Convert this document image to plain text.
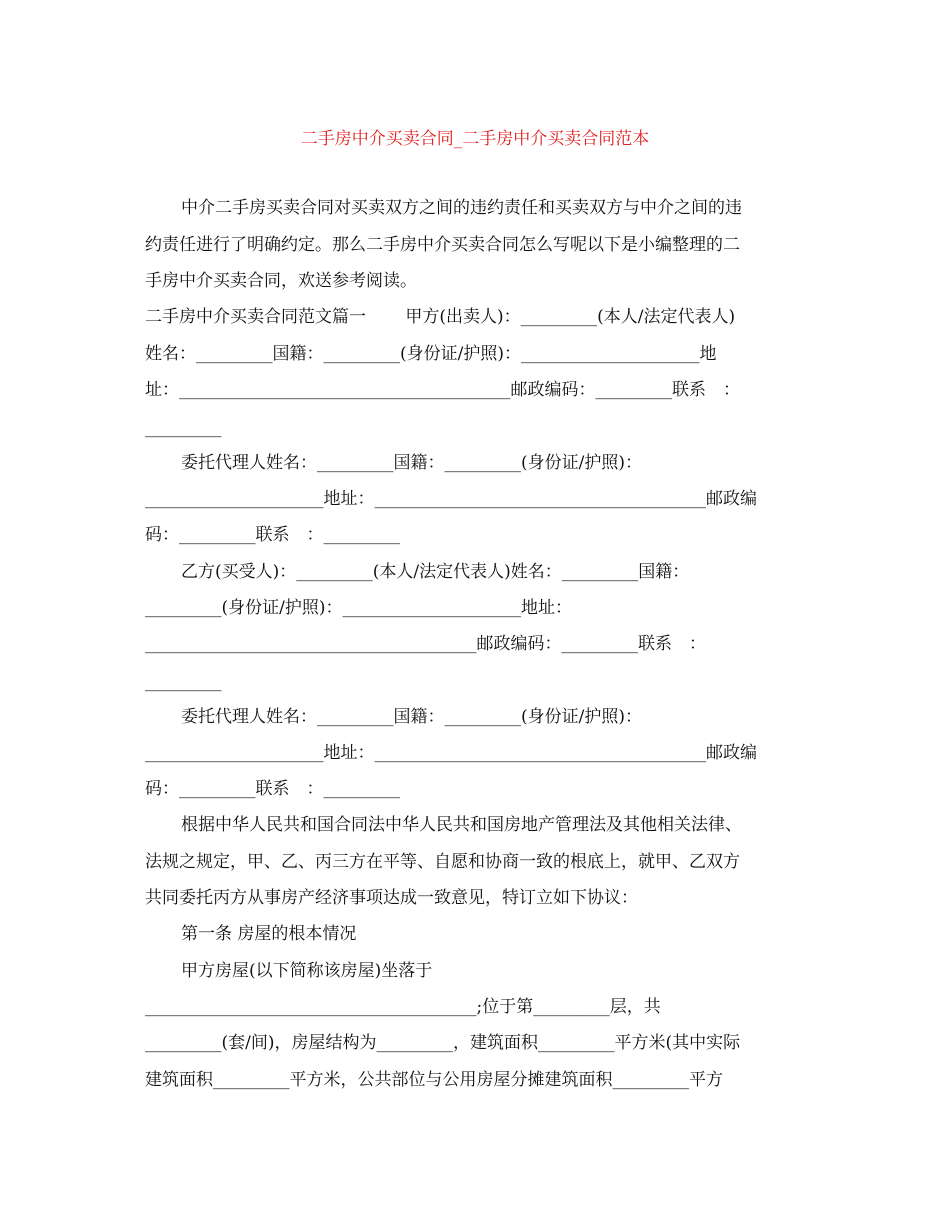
二手房中介买卖合同_二手房中介买卖合同范本
中介二手房买卖合同对买卖双方之间的违约责任和买卖双方与中介之间的违
约责任进行了明确约定。那么二手房中介买卖合同怎么写呢以下是小编整理的二
手房中介买卖合同，欢送参考阅读。
二手房中介买卖合同范文篇一　　 甲方(出卖人)：_________(本人/法定代表人)
姓名：_________国籍：_________(身份证/护照)：_____________________地
址：_______________________________________邮政编码：_________联系　：
_________
委托代理人姓名：_________国籍：_________(身份证/护照)：
_____________________地址：_______________________________________邮政编
码：_________联系　：_________
乙方(买受人)：_________(本人/法定代表人)姓名：_________国籍：
_________(身份证/护照)：_____________________地址：
_______________________________________邮政编码：_________联系　：
_________
委托代理人姓名：_________国籍：_________(身份证/护照)：
_____________________地址：_______________________________________邮政编
码：_________联系　：_________
根据中华人民共和国合同法中华人民共和国房地产管理法及其他相关法律、
法规之规定，甲、乙、丙三方在平等、自愿和协商一致的根底上，就甲、乙双方
共同委托丙方从事房产经济事项达成一致意见，特订立如下协议：
第一条 房屋的根本情况
甲方房屋(以下简称该房屋)坐落于
_______________________________________;位于第_________层，共
_________(套/间)，房屋结构为_________，建筑面积_________平方米(其中实际
建筑面积_________平方米，公共部位与公用房屋分摊建筑面积_________平方
